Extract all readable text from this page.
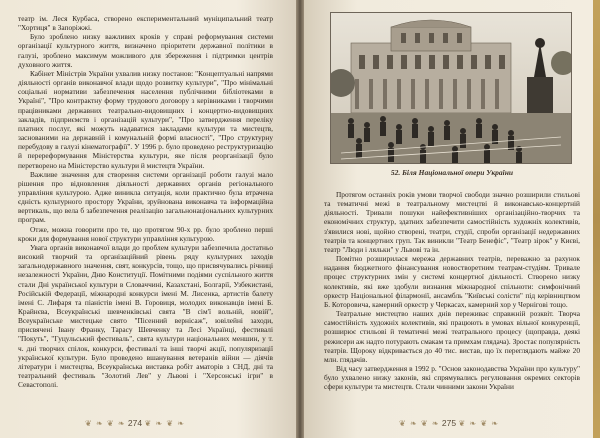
театр ім. Леся Курбаса, створено експериментальний муніципальний театр "Хортиця" в Запоріжжі.

Було зроблено низку важливих кроків у справі реформування системи організації культурного життя, визначено пріоритети державної політики в галузі, зроблено максимум можливого для збереження і підтримки центрів духовного життя.

Кабінет Міністрів України ухвалив низку постанов: "Концептуальні напрями діяльності органів виконавчої влади щодо розвитку культури", "Про мінімальні соціальні нормативи забезпечення населення публічними бібліотеками в Україні", "Про контрактну форму трудового договору з керівниками і творчими працівниками державних театрально-видовищних і концертно-видовищних закладів, підприємств і організацій культури", "Про затвердження переліку платних послуг, які можуть надаватися закладами культури та мистецтв, заснованими на державній і комунальній формі власності", "Про структурну перебудову в галузі кінематографії". У 1996 р. було проведено реструктуризацію й перереформування Міністерства культури, яке після реорганізації було перетворено на Міністерство культури й мистецтв України.

Важливе значення для створення системи організації роботи галузі мало рішення про відновлення діяльності державних органів регіонального управління культурою. Адже виникла ситуація, коли практично була втрачена єдність культурного простору України, зруйнована виконавча та інформаційна вертикаль, що вела б забезпечення реалізацію загальнонаціональних культурних програм.

Отже, можна говорити про те, що протягом 90-х рр. було зроблено перші кроки для формування нової структури управління культурою.

Увага органів виконавчої влади до проблем культури забезпечила достатньо високий творчий та організаційний рівень ряду культурних заходів загальнодержавного значення, свят, конкурсів, тощо, що присвячувались річниці незалежності України, Дню Конституції. Помітними подіями суспільного життя стали Дні української культури в Словаччині, Казахстані, Болгарії, Узбекистані, Російській Федерації, міжнародні конкурси імені М. Лисенка, артистів балету імені С. Лифаря та піаністів імені В. Горовиця, молодих виконавців імені Б. Крайнєва, Всеукраїнські шевченківські свята "В сім'ї вольній, новій", Всеукраїнське мистецьке свято "Пісенний вернісаж", ювілейні заходи, присвячені Івану Франку, Тарасу Шевченку та Лесі Українці, фестивалі "Покуть", "Гуцульський фестиваль", свята культури національних меншин, у т. ч. дні творчих спілок, конкурси, фестивалі та інші творчі акції, популяризації української культури. Було проведено вшанування ветеранів війни — діячів літератури і мистецтва, Всеукраїнська виставка робіт аматорів з СНД, дні та театральний фестиваль "Золотий Лев" у Львові і "Херсонські ігри" в Севастополі.

❦ ❧ ❦ ❧ 274 ❦ ❧ ❦ ❧
52. Біля Національної опери України

Протягом останніх років умови творчої свободи значно розширили стильові та тематичні межі в театральному мистецтві й виконавсько-концертній діяльності. Тривали пошуки найефективніших організаційно-творчих та економічних структур, здатних забезпечити самостійність художніх колективів, з'явилися нові, щойно створені, театри, студії, спроби організації недержавних театрів та концертних груп. Так виникли "Театр Бенефіс", "Театр зірок" у Києві, театр "Люди і ляльки" у Львові та ін.

Помітно розширилася мережа державних театрів, переважно за рахунок надання бюджетного фінансування новостворетним театрам-студіям. Тривале процес структурних змін у системі концертної діяльності. Створено низку колективів, які вже здобули визнання міжнародної спільноти: симфонічний оркестр Національної філармонії, ансамбль "Київські солісти" під керівництвом Б. Которовича, камерний оркестр у Черкасах, камерний хор у Чернігові тощо.

Театральне мистецтво наших днів переживає справжній розквіт. Творча самостійність художніх колективів, які працюють в умовах вільної конкуренції, розширює стильові й тематичні межі театрального процесу (щоправда, деякі режисери аж надто потурають смакам та примхам глядача). Зростає популярність театрів. Щороку відкривається до 40 тис. вистав, що їх переглядають майже 20 млн. глядачів.

Від часу затвердження в 1992 р. "Основ законодавства України про культуру" було ухвалено низку законів, які спрямувались регулювання окремих секторів сфери культури та мистецтв. Стали чинними закони України

❦ ❧ ❦ ❧ 275 ❦ ❧ ❦ ❧
